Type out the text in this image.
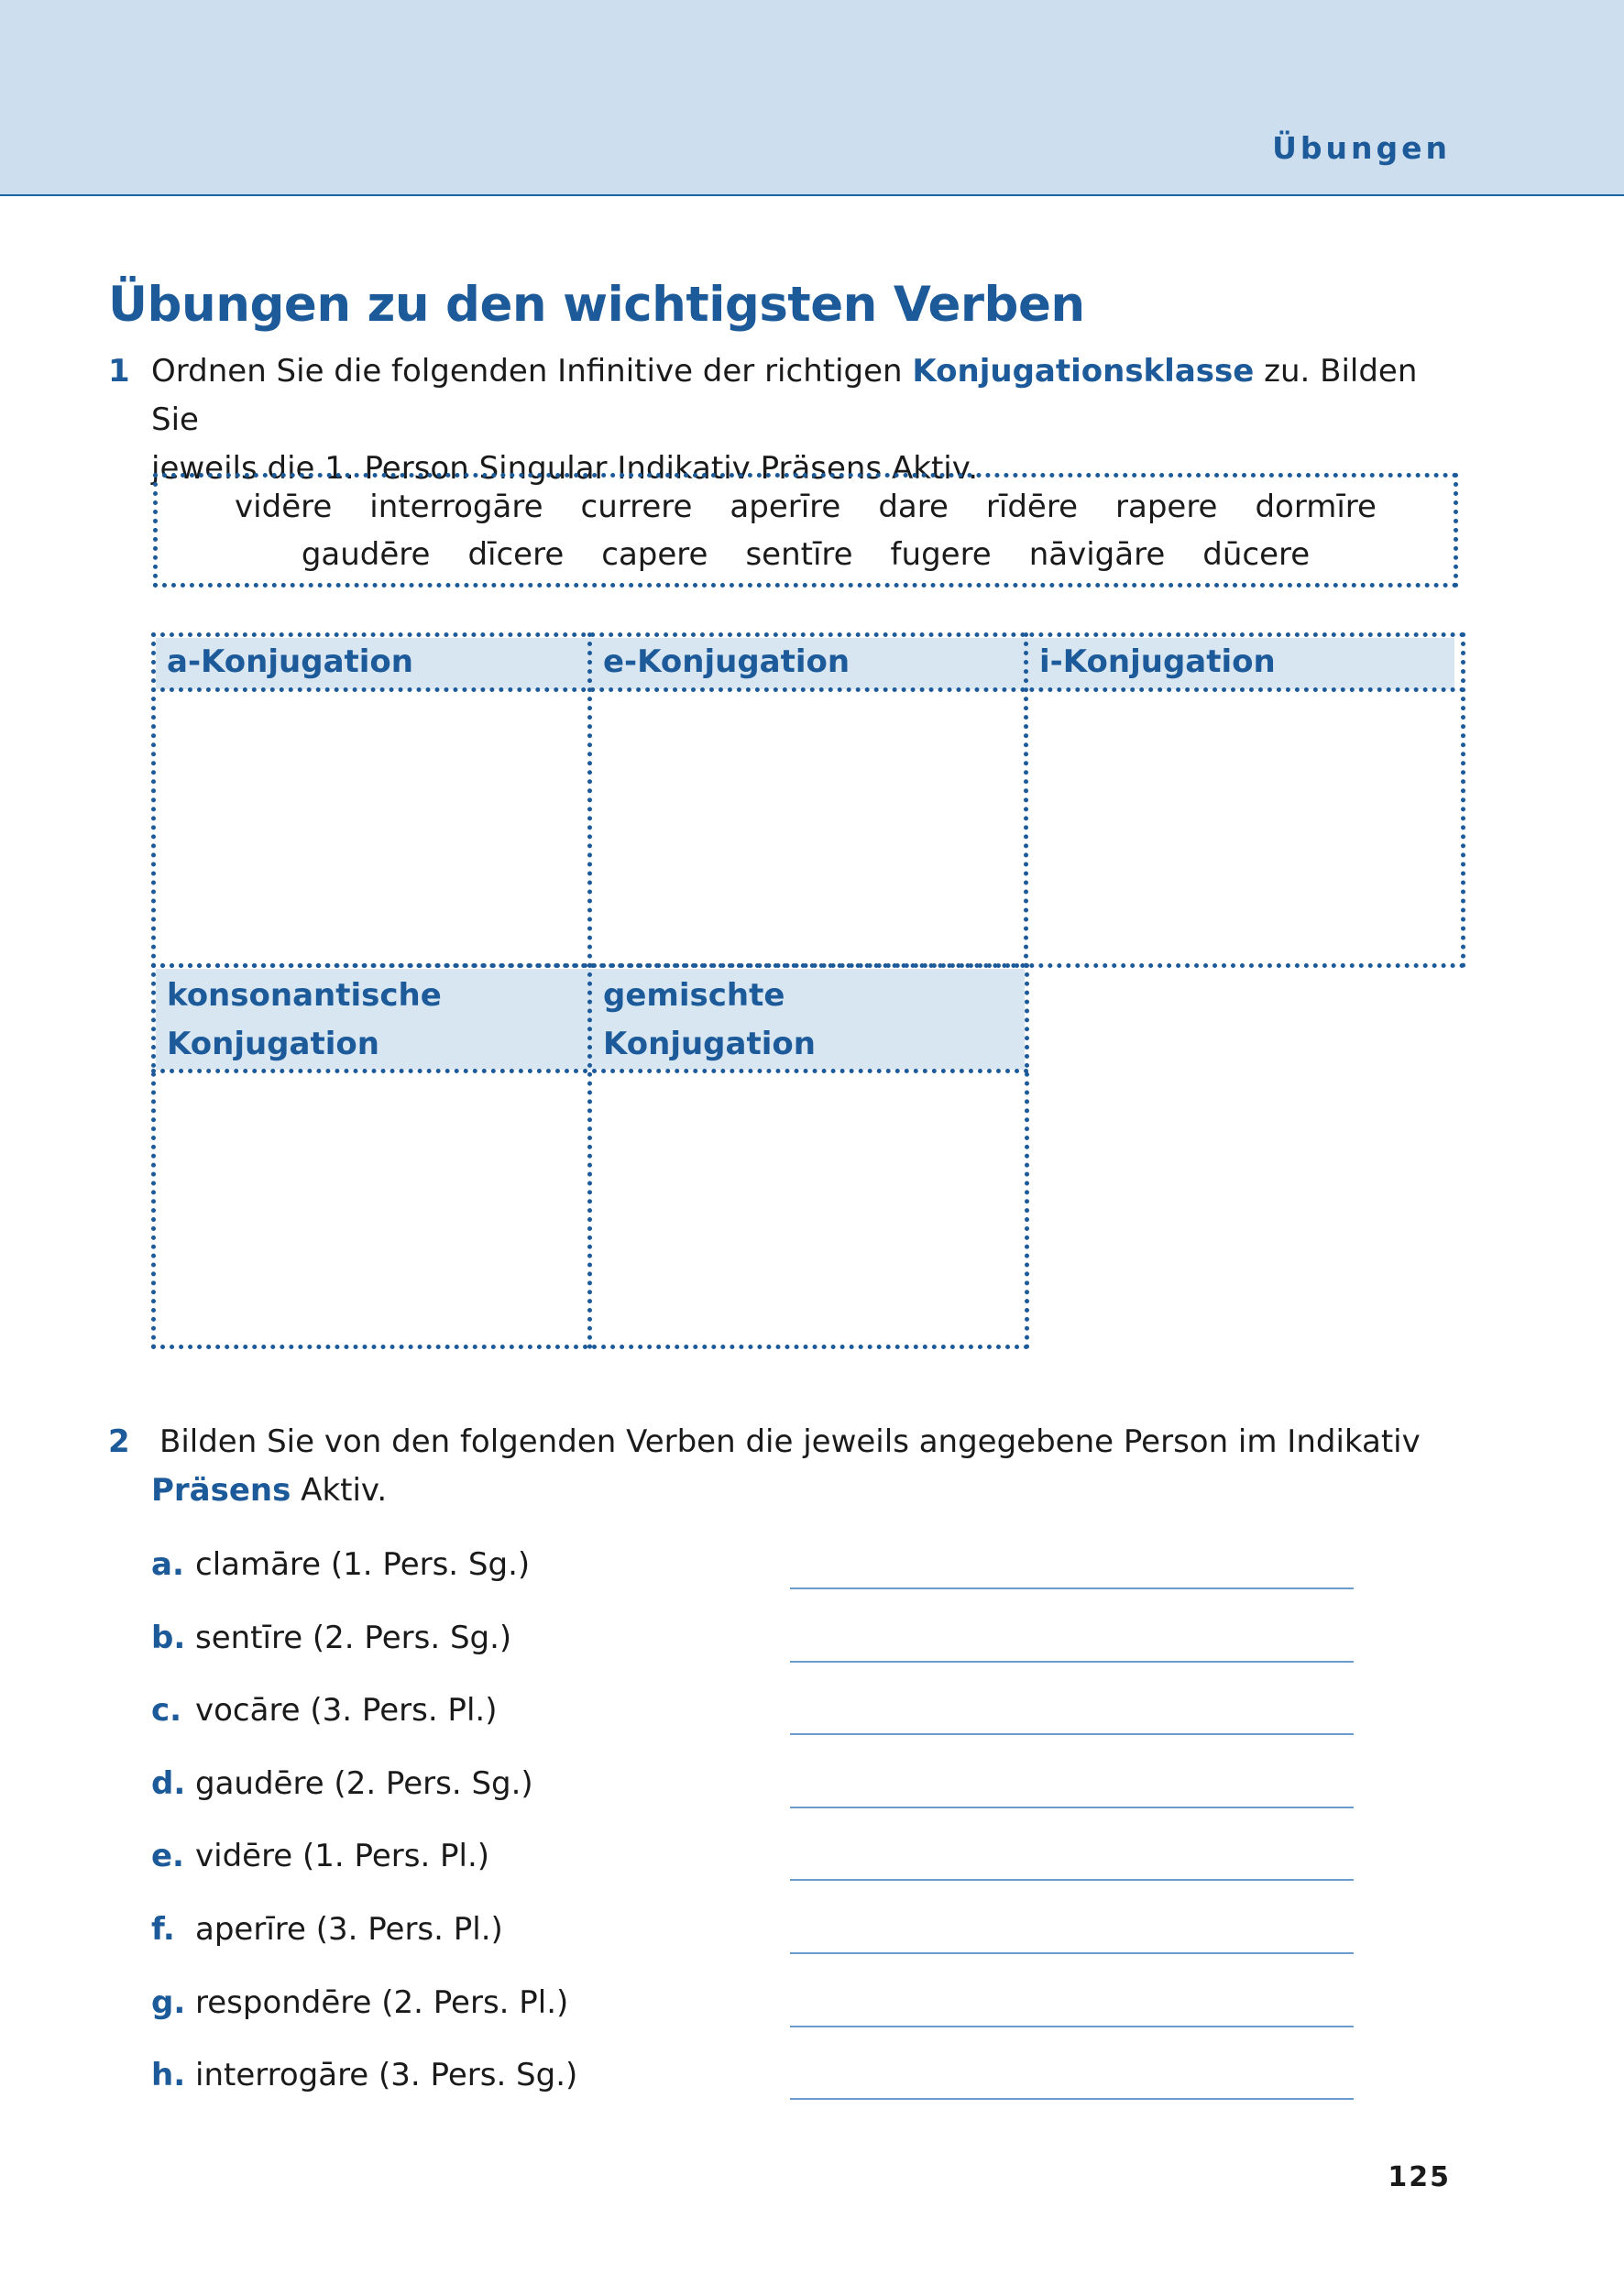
Übungen
Übungen zu den wichtigsten Verben
1 Ordnen Sie die folgenden Infinitive der richtigen Konjugationsklasse zu. Bilden Sie
jeweils die 1. Person Singular Indikativ Präsens Aktiv.
vidēre interrogāre currere aperīre dare rīdēre rapere dormīre
gaudēre dīcere capere sentīre fugere nāvigāre dūcere
a-Konjugation	e-Konjugation	i-Konjugation
konsonantische
Konjugation
gemischte
Konjugation
2 Bilden Sie von den folgenden Verben die jeweils angegebene Person im Indikativ
Präsens Aktiv.
a. clamāre (1. Pers. Sg.)
b. sentīre (2. Pers. Sg.)
c. vocāre (3. Pers. Pl.)
d. gaudēre (2. Pers. Sg.)
e. vidēre (1. Pers. Pl.)
f. aperīre (3. Pers. Pl.)
g. respondēre (2. Pers. Pl.)
h. interrogāre (3. Pers. Sg.)
125
